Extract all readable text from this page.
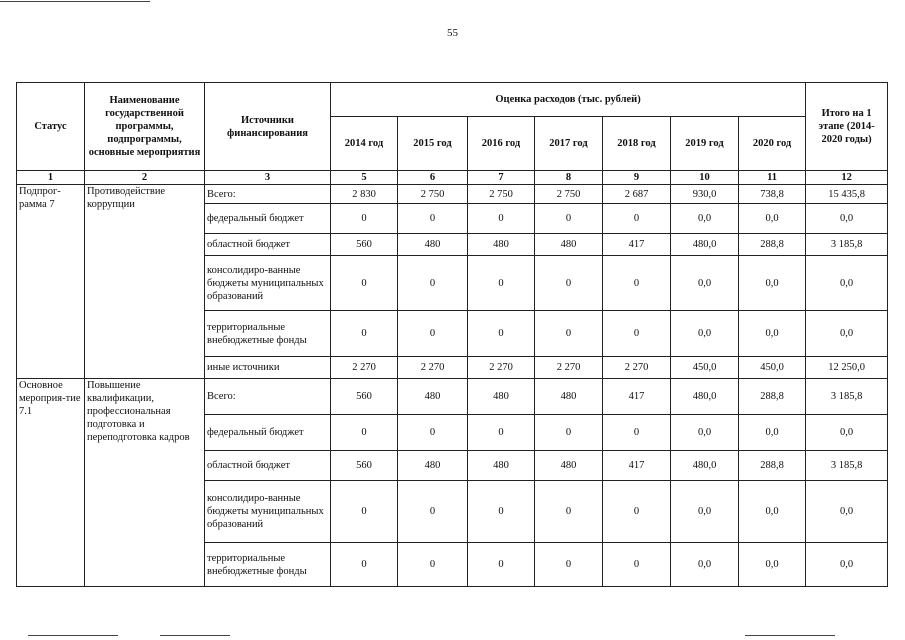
55
Статус	Наименование государственной программы, подпрограммы, основные мероприятия	Источники финансирования	Оценка расходов (тыс. рублей)							Итого на 1 этапе (2014-2020 годы)
			2014 год	2015 год	2016 год	2017 год	2018 год	2019 год	2020 год	
1	2	3	5	6	7	8	9	10	11	12
Подпрог-рамма 7	Противодействие коррупции	Всего:	2 830	2 750	2 750	2 750	2 687	930,0	738,8	15 435,8
		федеральный бюджет	0	0	0	0	0	0,0	0,0	0,0
		областной бюджет	560	480	480	480	417	480,0	288,8	3 185,8
		консолидиро-ванные бюджеты муниципальных образований	0	0	0	0	0	0,0	0,0	0,0
		территориальные внебюджетные фонды	0	0	0	0	0	0,0	0,0	0,0
		иные источники	2 270	2 270	2 270	2 270	2 270	450,0	450,0	12 250,0
Основное мероприя-тие 7.1	Повышение квалификации, профессиональная подготовка и переподготовка кадров	Всего:	560	480	480	480	417	480,0	288,8	3 185,8
		федеральный бюджет	0	0	0	0	0	0,0	0,0	0,0
		областной бюджет	560	480	480	480	417	480,0	288,8	3 185,8
		консолидиро-ванные бюджеты муниципальных образований	0	0	0	0	0	0,0	0,0	0,0
		территориальные внебюджетные фонды	0	0	0	0	0	0,0	0,0	0,0
